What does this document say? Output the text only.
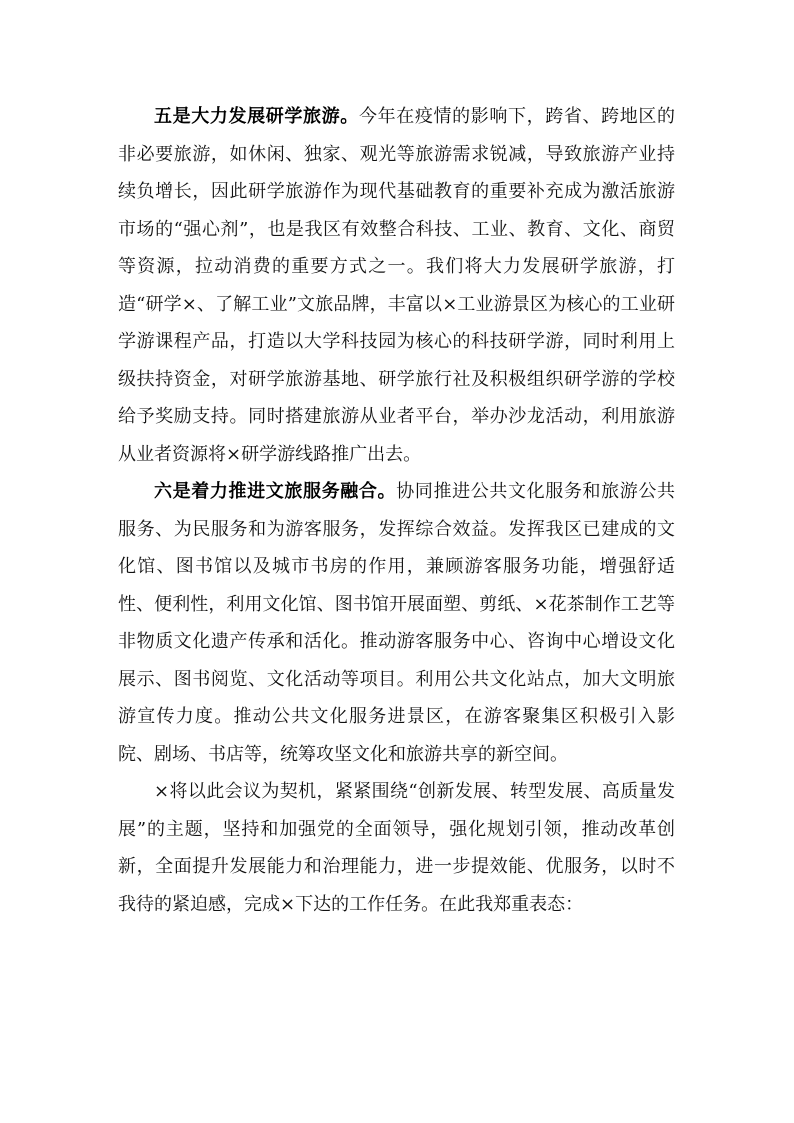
五是大力发展研学旅游。今年在疫情的影响下，跨省、跨地区的非必要旅游，如休闲、独家、观光等旅游需求锐减，导致旅游产业持续负增长，因此研学旅游作为现代基础教育的重要补充成为激活旅游市场的“强心剂”，也是我区有效整合科技、工业、教育、文化、商贸等资源，拉动消费的重要方式之一。我们将大力发展研学旅游，打造“研学×、了解工业”文旅品牌，丰富以×工业游景区为核心的工业研学游课程产品，打造以大学科技园为核心的科技研学游，同时利用上级扶持资金，对研学旅游基地、研学旅行社及积极组织研学游的学校给予奖励支持。同时搭建旅游从业者平台，举办沙龙活动，利用旅游从业者资源将×研学游线路推广出去。

六是着力推进文旅服务融合。协同推进公共文化服务和旅游公共服务、为民服务和为游客服务，发挥综合效益。发挥我区已建成的文化馆、图书馆以及城市书房的作用，兼顾游客服务功能，增强舒适性、便利性，利用文化馆、图书馆开展面塑、剪纸、×花茶制作工艺等非物质文化遗产传承和活化。推动游客服务中心、咨询中心增设文化展示、图书阅览、文化活动等项目。利用公共文化站点，加大文明旅游宣传力度。推动公共文化服务进景区，在游客聚集区积极引入影院、剧场、书店等，统筹攻坚文化和旅游共享的新空间。

×将以此会议为契机，紧紧围绕“创新发展、转型发展、高质量发展”的主题，坚持和加强党的全面领导，强化规划引领，推动改革创新，全面提升发展能力和治理能力，进一步提效能、优服务，以时不我待的紧迫感，完成×下达的工作任务。在此我郑重表态：
